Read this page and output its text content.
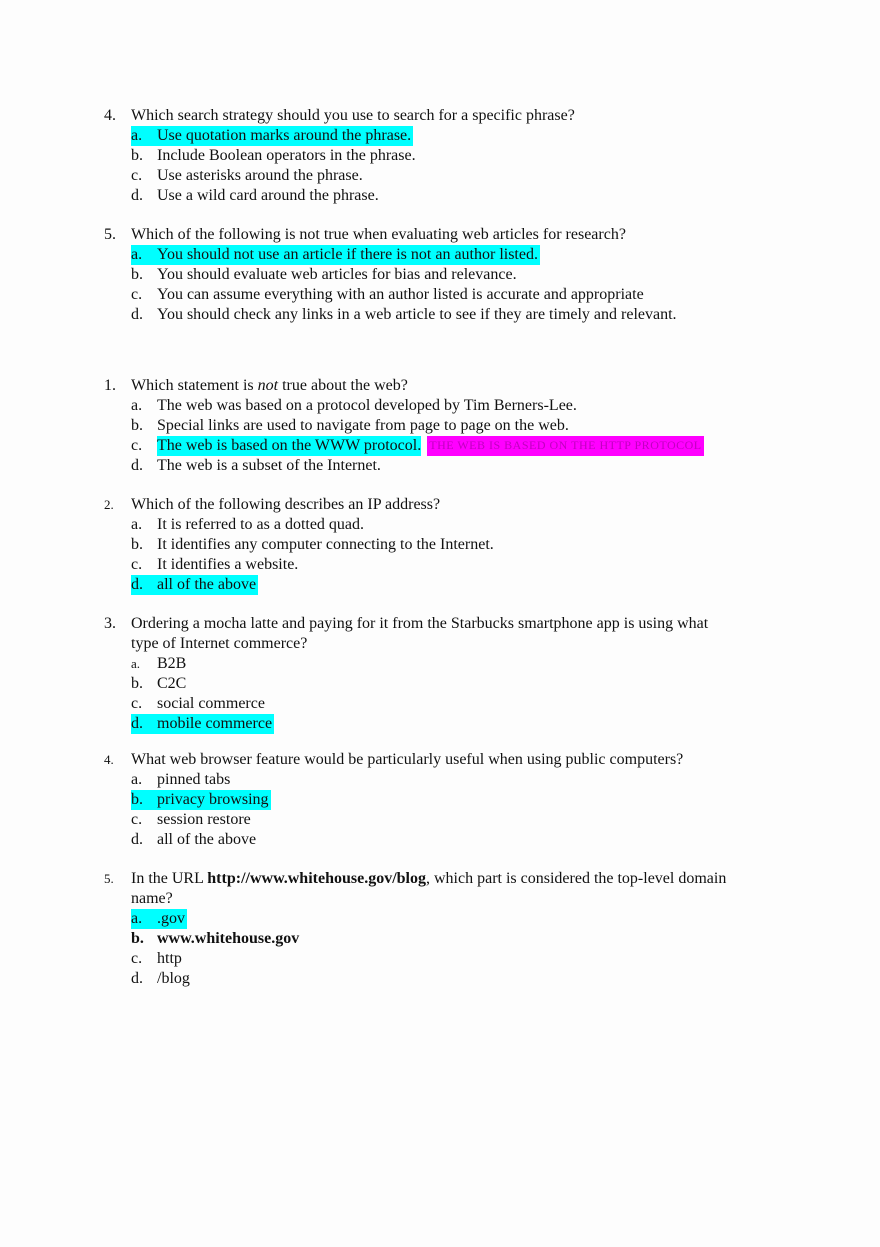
4. Which search strategy should you use to search for a specific phrase?
a. Use quotation marks around the phrase.
b. Include Boolean operators in the phrase.
c. Use asterisks around the phrase.
d. Use a wild card around the phrase.
5. Which of the following is not true when evaluating web articles for research?
a. You should not use an article if there is not an author listed.
b. You should evaluate web articles for bias and relevance.
c. You can assume everything with an author listed is accurate and appropriate
d. You should check any links in a web article to see if they are timely and relevant.
1. Which statement is not true about the web?
a. The web was based on a protocol developed by Tim Berners-Lee.
b. Special links are used to navigate from page to page on the web.
c. The web is based on the WWW protocol. THE WEB IS BASED ON THE HTTP PROTOCOL
d. The web is a subset of the Internet.
2.	Which of the following describes an IP address?
a. It is referred to as a dotted quad.
b. It identifies any computer connecting to the Internet.
c. It identifies a website.
d. all of the above
3. Ordering a mocha latte and paying for it from the Starbucks smartphone app is using what
type of Internet commerce?
a.	B2B
b. C2C
c. social commerce
d. mobile commerce
4.	What web browser feature would be particularly useful when using public computers?
a. pinned tabs
b. privacy browsing
c. session restore
d. all of the above
5.	In the URL http://www.whitehouse.gov/blog, which part is considered the top-level domain
name?
a. .gov
b. www.whitehouse.gov
c. http
d. /blog
